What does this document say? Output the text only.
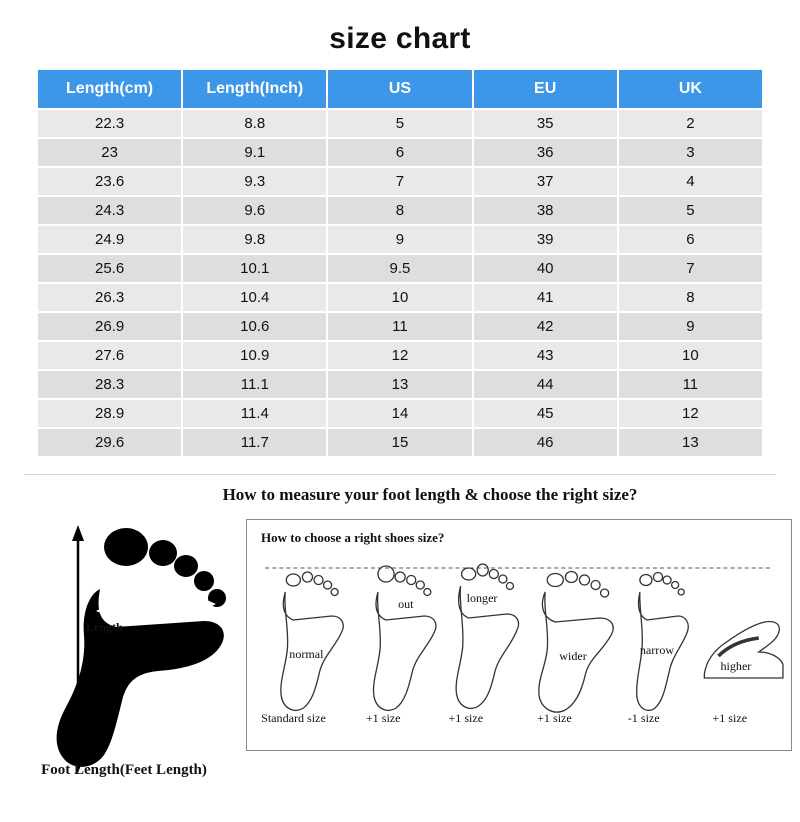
size chart
Length(cm)	Length(Inch)	US	EU	UK
22.3	8.8	5	35	2
23	9.1	6	36	3
23.6	9.3	7	37	4
24.3	9.6	8	38	5
24.9	9.8	9	39	6
25.6	10.1	9.5	40	7
26.3	10.4	10	41	8
26.9	10.6	11	42	9
27.6	10.9	12	43	10
28.3	11.1	13	44	11
28.9	11.4	14	45	12
29.6	11.7	15	46	13
How to measure your foot length & choose the right size?
Length
Width
Foot Length(Feet Length)
How to choose a right shoes size?
normal
out	longer
wider	narrow
higher
Standard size	+1 size	+1 size	+1 size	-1 size	+1 size
